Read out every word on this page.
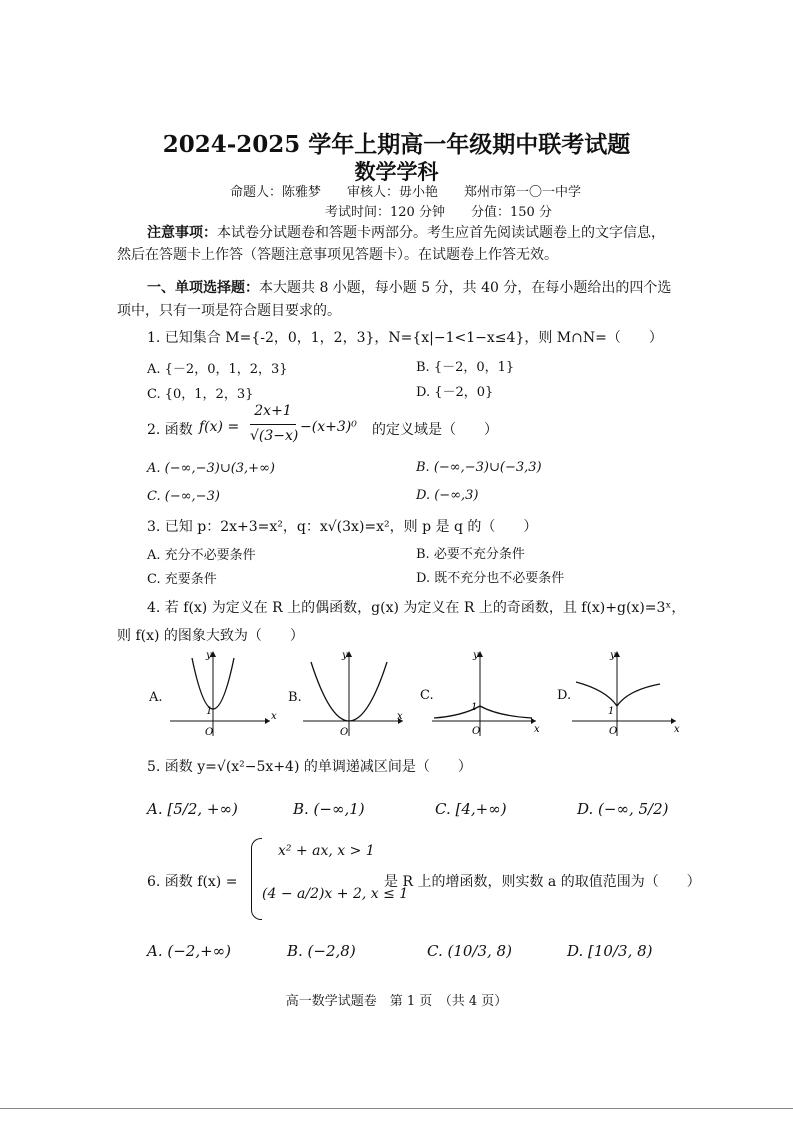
2024-2025 学年上期高一年级期中联考试题
数学学科
命题人：陈雅梦　　审核人：毋小艳　　郑州市第一〇一中学
考试时间：120 分钟　　分值：150 分
注意事项：本试卷分试题卷和答题卡两部分。考生应首先阅读试题卷上的文字信息，
然后在答题卡上作答（答题注意事项见答题卡）。在试题卷上作答无效。
一、单项选择题：本大题共 8 小题，每小题 5 分，共 40 分，在每小题给出的四个选
项中，只有一项是符合题目要求的。
1. 已知集合 M={-2，0，1，2，3}，N={x|−1<1−x≤4}，则 M∩N=（　　）
A. {－2，0，1，2，3}	B. {－2，0，1}
C. {0，1，2，3}	D. {－2，0}
2. 函数 f(x) =
2x+1
√(3−x)
−(x+3)⁰ 的定义域是（　　）
A. (−∞,−3)∪(3,+∞)	B. (−∞,−3)∪(−3,3)
C. (−∞,−3)	D. (−∞,3)
3. 已知 p：2x+3=x²，q：x√(3x)=x²，则 p 是 q 的（　　）
A. 充分不必要条件	B. 必要不充分条件
C. 充要条件	D. 既不充分也不必要条件
4. 若 f(x) 为定义在 R 上的偶函数，g(x) 为定义在 R 上的奇函数，且 f(x)+g(x)=3ˣ，
则 f(x) 的图象大致为（　　）
A.
y
x
O
1
B.
y
x
O
C.
y
x
O
1
D.
y
x
O
1
5. 函数 y=√(x²−5x+4) 的单调递减区间是（　　）
A. [5/2, +∞)	B. (−∞,1)	C. [4,+∞)	D. (−∞, 5/2)
6. 函数 f(x) =
x² + ax, x > 1
(4 − a/2)x + 2, x ≤ 1
是 R 上的增函数，则实数 a 的取值范围为（　　）
A. (−2,+∞)	B. (−2,8)	C. (10/3, 8)	D. [10/3, 8)
高一数学试题卷　第 1 页　（共 4 页）
